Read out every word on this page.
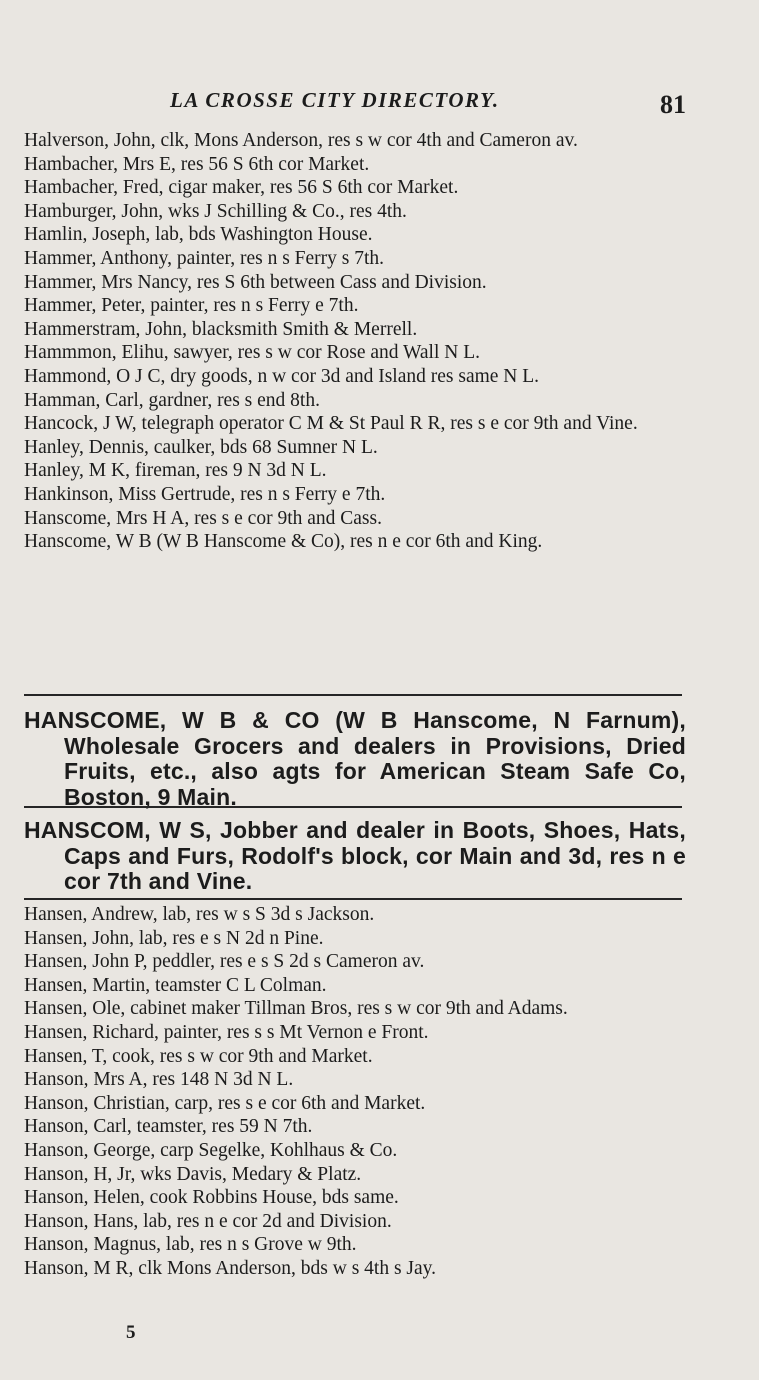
LA CROSSE CITY DIRECTORY.	81
Halverson, John, clk, Mons Anderson, res s w cor 4th and Cameron av.
Hambacher, Mrs E, res 56 S 6th cor Market.
Hambacher, Fred, cigar maker, res 56 S 6th cor Market.
Hamburger, John, wks J Schilling & Co., res 4th.
Hamlin, Joseph, lab, bds Washington House.
Hammer, Anthony, painter, res n s Ferry s 7th.
Hammer, Mrs Nancy, res S 6th between Cass and Division.
Hammer, Peter, painter, res n s Ferry e 7th.
Hammerstram, John, blacksmith Smith & Merrell.
Hammmon, Elihu, sawyer, res s w cor Rose and Wall N L.
Hammond, O J C, dry goods, n w cor 3d and Island res same N L.
Hamman, Carl, gardner, res s end 8th.
Hancock, J W, telegraph operator C M & St Paul R R, res s e cor 9th and Vine.
Hanley, Dennis, caulker, bds 68 Sumner N L.
Hanley, M K, fireman, res 9 N 3d N L.
Hankinson, Miss Gertrude, res n s Ferry e 7th.
Hanscome, Mrs H A, res s e cor 9th and Cass.
Hanscome, W B (W B Hanscome & Co), res n e cor 6th and King.
HANSCOME, W B & CO (W B Hanscome, N Farnum), Wholesale Grocers and dealers in Provisions, Dried Fruits, etc., also agts for American Steam Safe Co, Boston, 9 Main.
HANSCOM, W S, Jobber and dealer in Boots, Shoes, Hats, Caps and Furs, Rodolf's block, cor Main and 3d, res n e cor 7th and Vine.
Hansen, Andrew, lab, res w s S 3d s Jackson.
Hansen, John, lab, res e s N 2d n Pine.
Hansen, John P, peddler, res e s S 2d s Cameron av.
Hansen, Martin, teamster C L Colman.
Hansen, Ole, cabinet maker Tillman Bros, res s w cor 9th and Adams.
Hansen, Richard, painter, res s s Mt Vernon e Front.
Hansen, T, cook, res s w cor 9th and Market.
Hanson, Mrs A, res 148 N 3d N L.
Hanson, Christian, carp, res s e cor 6th and Market.
Hanson, Carl, teamster, res 59 N 7th.
Hanson, George, carp Segelke, Kohlhaus & Co.
Hanson, H, Jr, wks Davis, Medary & Platz.
Hanson, Helen, cook Robbins House, bds same.
Hanson, Hans, lab, res n e cor 2d and Division.
Hanson, Magnus, lab, res n s Grove w 9th.
Hanson, M R, clk Mons Anderson, bds w s 4th s Jay.
5
